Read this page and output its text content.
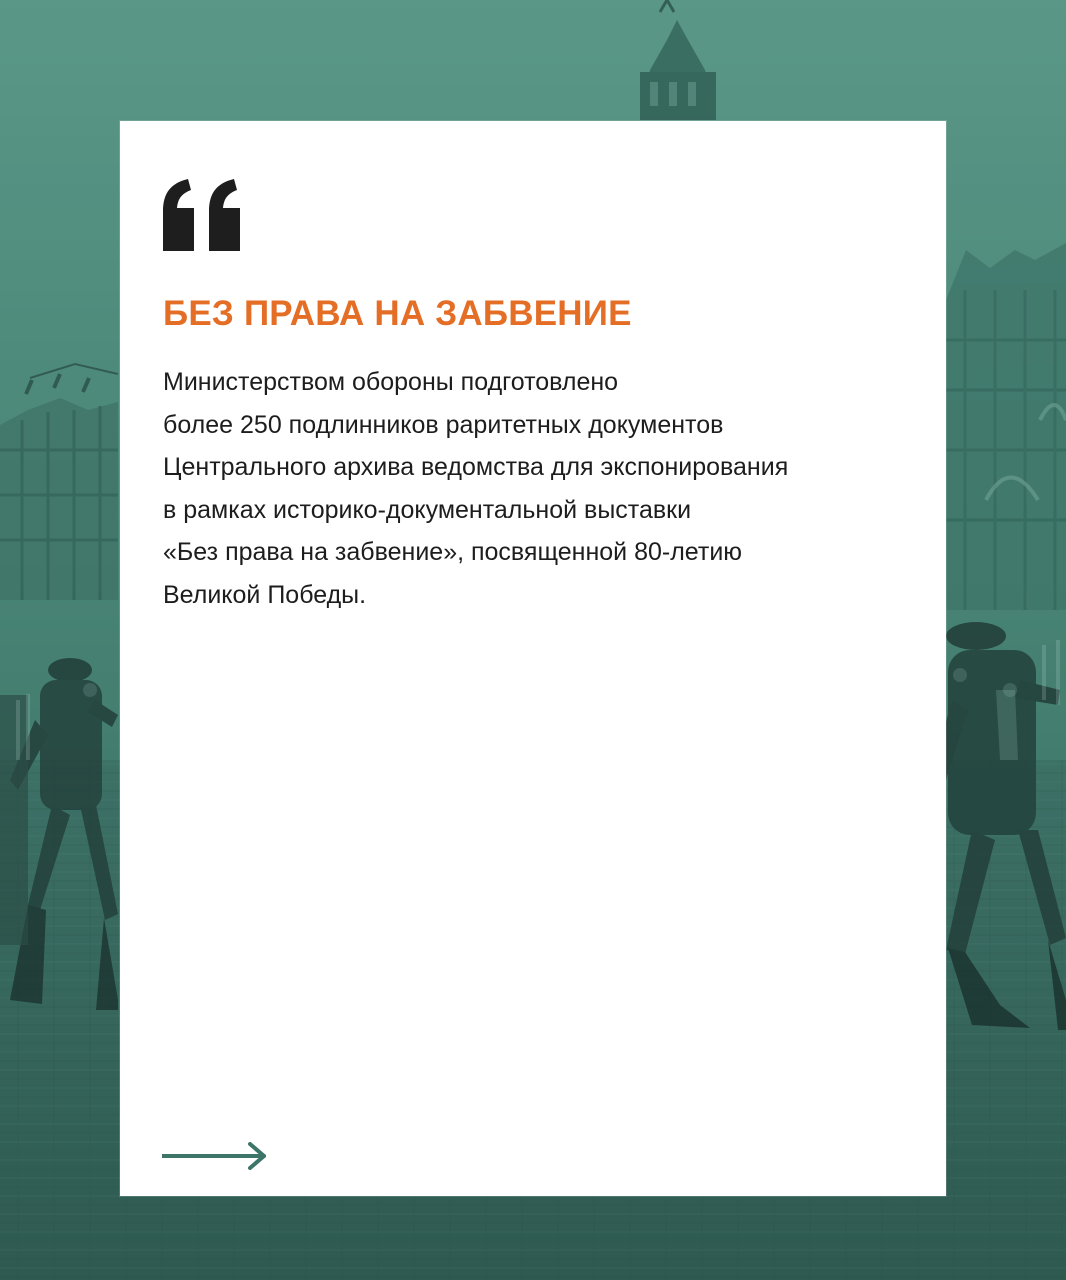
БЕЗ ПРАВА НА ЗАБВЕНИЕ

Министерством обороны подготовлено
более 250 подлинников раритетных документов
Центрального архива ведомства для экспонирования
в рамках историко-документальной выставки
«Без права на забвение», посвященной 80-летию
Великой Победы.
